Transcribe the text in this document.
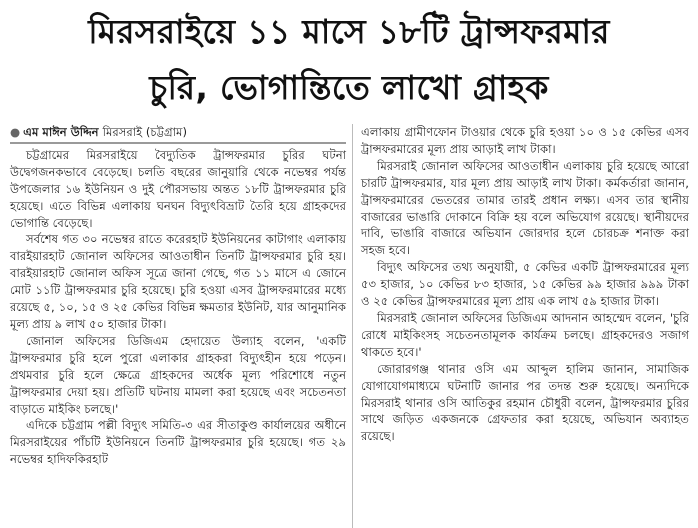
মিরসরাইয়ে ১১ মাসে ১৮টি ট্রান্সফরমার
চুরি, ভোগান্তিতে লাখো গ্রাহক
● এম মাঈন উদ্দিন মিরসরাই (চট্টগ্রাম)

চট্টগ্রামের মিরসরাইয়ে বৈদ্যুতিক ট্রান্সফরমার চুরির ঘটনা উদ্বেগজনকভাবে বেড়েছে। চলতি বছরের জানুয়ারি থেকে নভেম্বর পর্যন্ত উপজেলার ১৬ ইউনিয়ন ও দুই পৌরসভায় অন্তত ১৮টি ট্রান্সফরমার চুরি হয়েছে। এতে বিভিন্ন এলাকায় ঘনঘন বিদ্যুৎবিভ্রাট তৈরি হয়ে গ্রাহকদের ভোগান্তি বেড়েছে।

সর্বশেষ গত ৩০ নভেম্বর রাতে করেরহাট ইউনিয়নের কাটাগাং এলাকায় বারইয়ারহাট জোনাল অফিসের আওতাধীন তিনটি ট্রান্সফরমার চুরি হয়। বারইয়ারহাট জোনাল অফিস সূত্রে জানা গেছে, গত ১১ মাসে এ জোনে মোট ১১টি ট্রান্সফরমার চুরি হয়েছে। চুরি হওয়া এসব ট্রান্সফরমারের মধ্যে রয়েছে ৫, ১০, ১৫ ও ২৫ কেভির বিভিন্ন ক্ষমতার ইউনিট, যার আনুমানিক মূল্য প্রায় ৯ লাখ ৫০ হাজার টাকা।

জোনাল অফিসের ডিজিএম হেদায়েত উল্যাহ বলেন, 'একটি ট্রান্সফরমার চুরি হলে পুরো এলাকার গ্রাহকরা বিদ্যুৎহীন হয়ে পড়েন। প্রথমবার চুরি হলে ক্ষেত্রে গ্রাহকদের অর্ধেক মূল্য পরিশোধে নতুন ট্রান্সফরমার দেয়া হয়। প্রতিটি ঘটনায় মামলা করা হয়েছে এবং সচেতনতা বাড়াতে মাইকিং চলছে।'

এদিকে চট্টগ্রাম পল্লী বিদ্যুৎ সমিতি-৩ এর সীতাকুণ্ড কার্যালয়ের অধীনে মিরসরাইয়ের পাঁচটি ইউনিয়নে তিনটি ট্রান্সফরমার চুরি হয়েছে। গত ২৯ নভেম্বর হাদিফকিরহাট

এলাকায় গ্রামীণফোন টাওয়ার থেকে চুরি হওয়া ১০ ও ১৫ কেভির এসব ট্রান্সফরমারের মূল্য প্রায় আড়াই লাখ টাকা।

মিরসরাই জোনাল অফিসের আওতাধীন এলাকায় চুরি হয়েছে আরো চারটি ট্রান্সফরমার, যার মূল্য প্রায় আড়াই লাখ টাকা। কর্মকর্তারা জানান, ট্রান্সফরমারের ভেতরের তামার তারই প্রধান লক্ষ্য। এসব তার স্থানীয় বাজারের ভাঙারি দোকানে বিক্রি হয় বলে অভিযোগ রয়েছে। স্থানীয়দের দাবি, ভাঙারি বাজারে অভিযান জোরদার হলে চোরচক্র শনাক্ত করা সহজ হবে।

বিদ্যুৎ অফিসের তথ্য অনুযায়ী, ৫ কেভির একটি ট্রান্সফরমারের মূল্য ৫৩ হাজার, ১০ কেভির ৮৩ হাজার, ১৫ কেভির ৯৯ হাজার ৯৯৯ টাকা ও ২৫ কেভির ট্রান্সফরমারের মূল্য প্রায় এক লাখ ৫৯ হাজার টাকা।

মিরসরাই জোনাল অফিসের ডিজিএম আদনান আহম্মেদ বলেন, 'চুরি রোধে মাইকিংসহ সচেতনতামূলক কার্যক্রম চলছে। গ্রাহকদেরও সজাগ থাকতে হবে।'

জোরারগঞ্জ থানার ওসি এম আব্দুল হালিম জানান, সামাজিক যোগাযোগমাধ্যমে ঘটনাটি জানার পর তদন্ত শুরু হয়েছে। অন্যদিকে মিরসরাই থানার ওসি আতিকুর রহমান চৌধুরী বলেন, ট্রান্সফরমার চুরির সাথে জড়িত একজনকে গ্রেফতার করা হয়েছে, অভিযান অব্যাহত রয়েছে।
